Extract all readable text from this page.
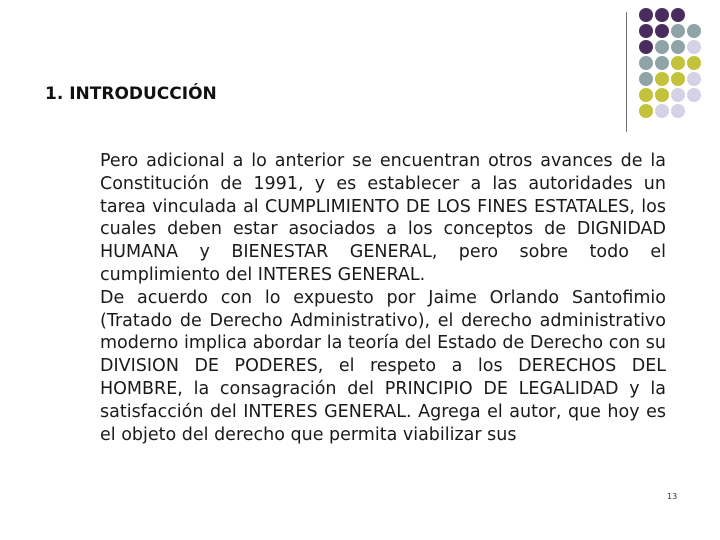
1. INTRODUCCIÓN

Pero adicional a lo anterior se encuentran otros avances de la Constitución de 1991, y es establecer a las autoridades un tarea vinculada al CUMPLIMIENTO DE LOS FINES ESTATALES, los cuales deben estar asociados a los conceptos de DIGNIDAD HUMANA y BIENESTAR GENERAL, pero sobre todo el cumplimiento del INTERES GENERAL.

De acuerdo con lo expuesto por Jaime Orlando Santofimio (Tratado de Derecho Administrativo), el derecho administrativo moderno implica abordar la teoría del Estado de Derecho con su DIVISION DE PODERES, el respeto a los DERECHOS DEL HOMBRE, la consagración del PRINCIPIO DE LEGALIDAD y la satisfacción del INTERES GENERAL. Agrega el autor, que hoy es el objeto del derecho que permita viabilizar sus

13
